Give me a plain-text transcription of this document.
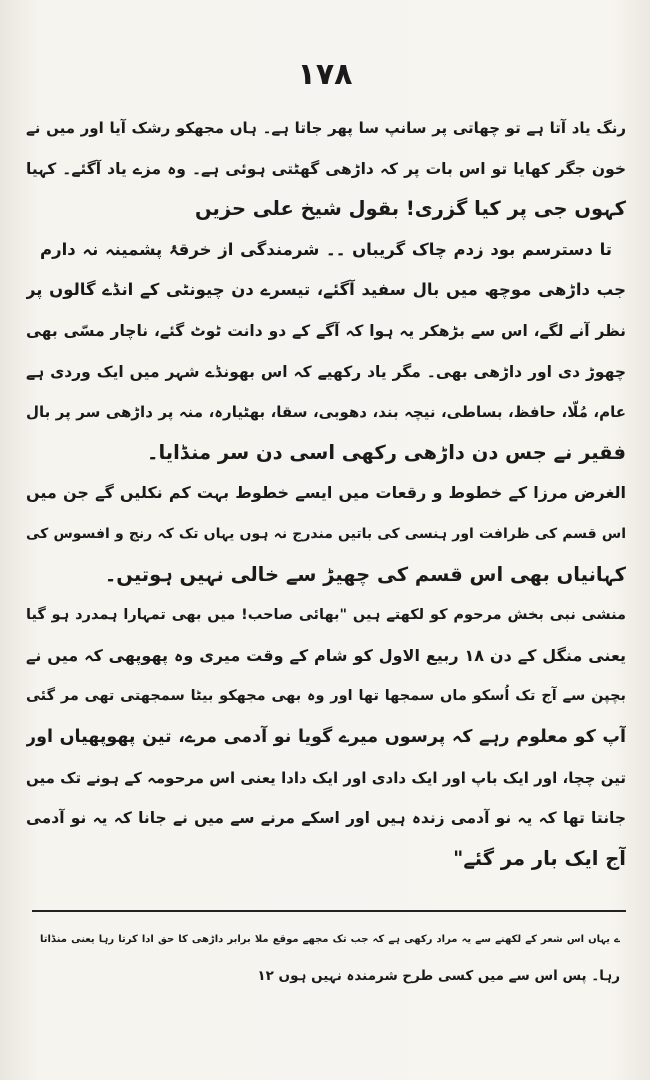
۱۷۸
رنگ یاد آتا ہے تو چھاتی پر سانپ سا پھر جاتا ہے۔ ہاں مجھکو رشک آیا اور میں نے
خون جگر کھایا تو اس بات پر کہ داڑھی گھٹتی ہوئی ہے۔ وہ مزے یاد آگئے۔ کہیا
کہوں جی پر کیا گزری! بقول شیخ علی حزیں
تا دسترسم بود زدم چاک گریباں ۔۔ شرمندگی از خرقۂ پشمینہ نہ دارم
جب داڑھی موچھ میں بال سفید آگئے، تیسرے دن چیونٹی کے انڈے گالوں پر
نظر آنے لگے، اس سے بڑھکر یہ ہوا کہ آگے کے دو دانت ٹوٹ گئے، ناچار مسّی بھی
چھوڑ دی اور داڑھی بھی۔ مگر یاد رکھیے کہ اس بھونڈے شہر میں ایک وردی ہے
عام، مُلّا، حافظ، بساطی، نیچہ بند، دھوبی، سقا، بھٹیارہ، منہ پر داڑھی سر پر بال
فقیر نے جس دن داڑھی رکھی اسی دن سر منڈایا۔
الغرض مرزا کے خطوط و رقعات میں ایسے خطوط بہت کم نکلیں گے جن میں
اس قسم کی ظرافت اور ہنسی کی باتیں مندرج نہ ہوں یہاں تک کہ رنج و افسوس کی
کہانیاں بھی اس قسم کی چھیڑ سے خالی نہیں ہوتیں۔
منشی نبی بخش مرحوم کو لکھتے ہیں "بھائی صاحب! میں بھی تمہارا ہمدرد ہو گیا
یعنی منگل کے دن ۱۸ ربیع الاول کو شام کے وقت میری وہ پھوپھی کہ میں نے
بچپن سے آج تک اُسکو ماں سمجھا تھا اور وہ بھی مجھکو بیٹا سمجھتی تھی مر گئی
آپ کو معلوم رہے کہ پرسوں میرے گویا نو آدمی مرے، تین پھوپھیاں اور
تین چچا، اور ایک باپ اور ایک دادی اور ایک دادا یعنی اس مرحومہ کے ہونے تک میں
جانتا تھا کہ یہ نو آدمی زندہ ہیں اور اسکے مرنے سے میں نے جانا کہ یہ نو آدمی
آج ایک بار مر گئے"
ے یہاں اس شعر کے لکھنے سے یہ مراد رکھی ہے کہ جب تک مجھے موقع ملا برابر داڑھی کا حق ادا کرتا رہا یعنی منڈاتا
رہا۔ پس اس سے میں کسی طرح شرمندہ نہیں ہوں ۱۲
